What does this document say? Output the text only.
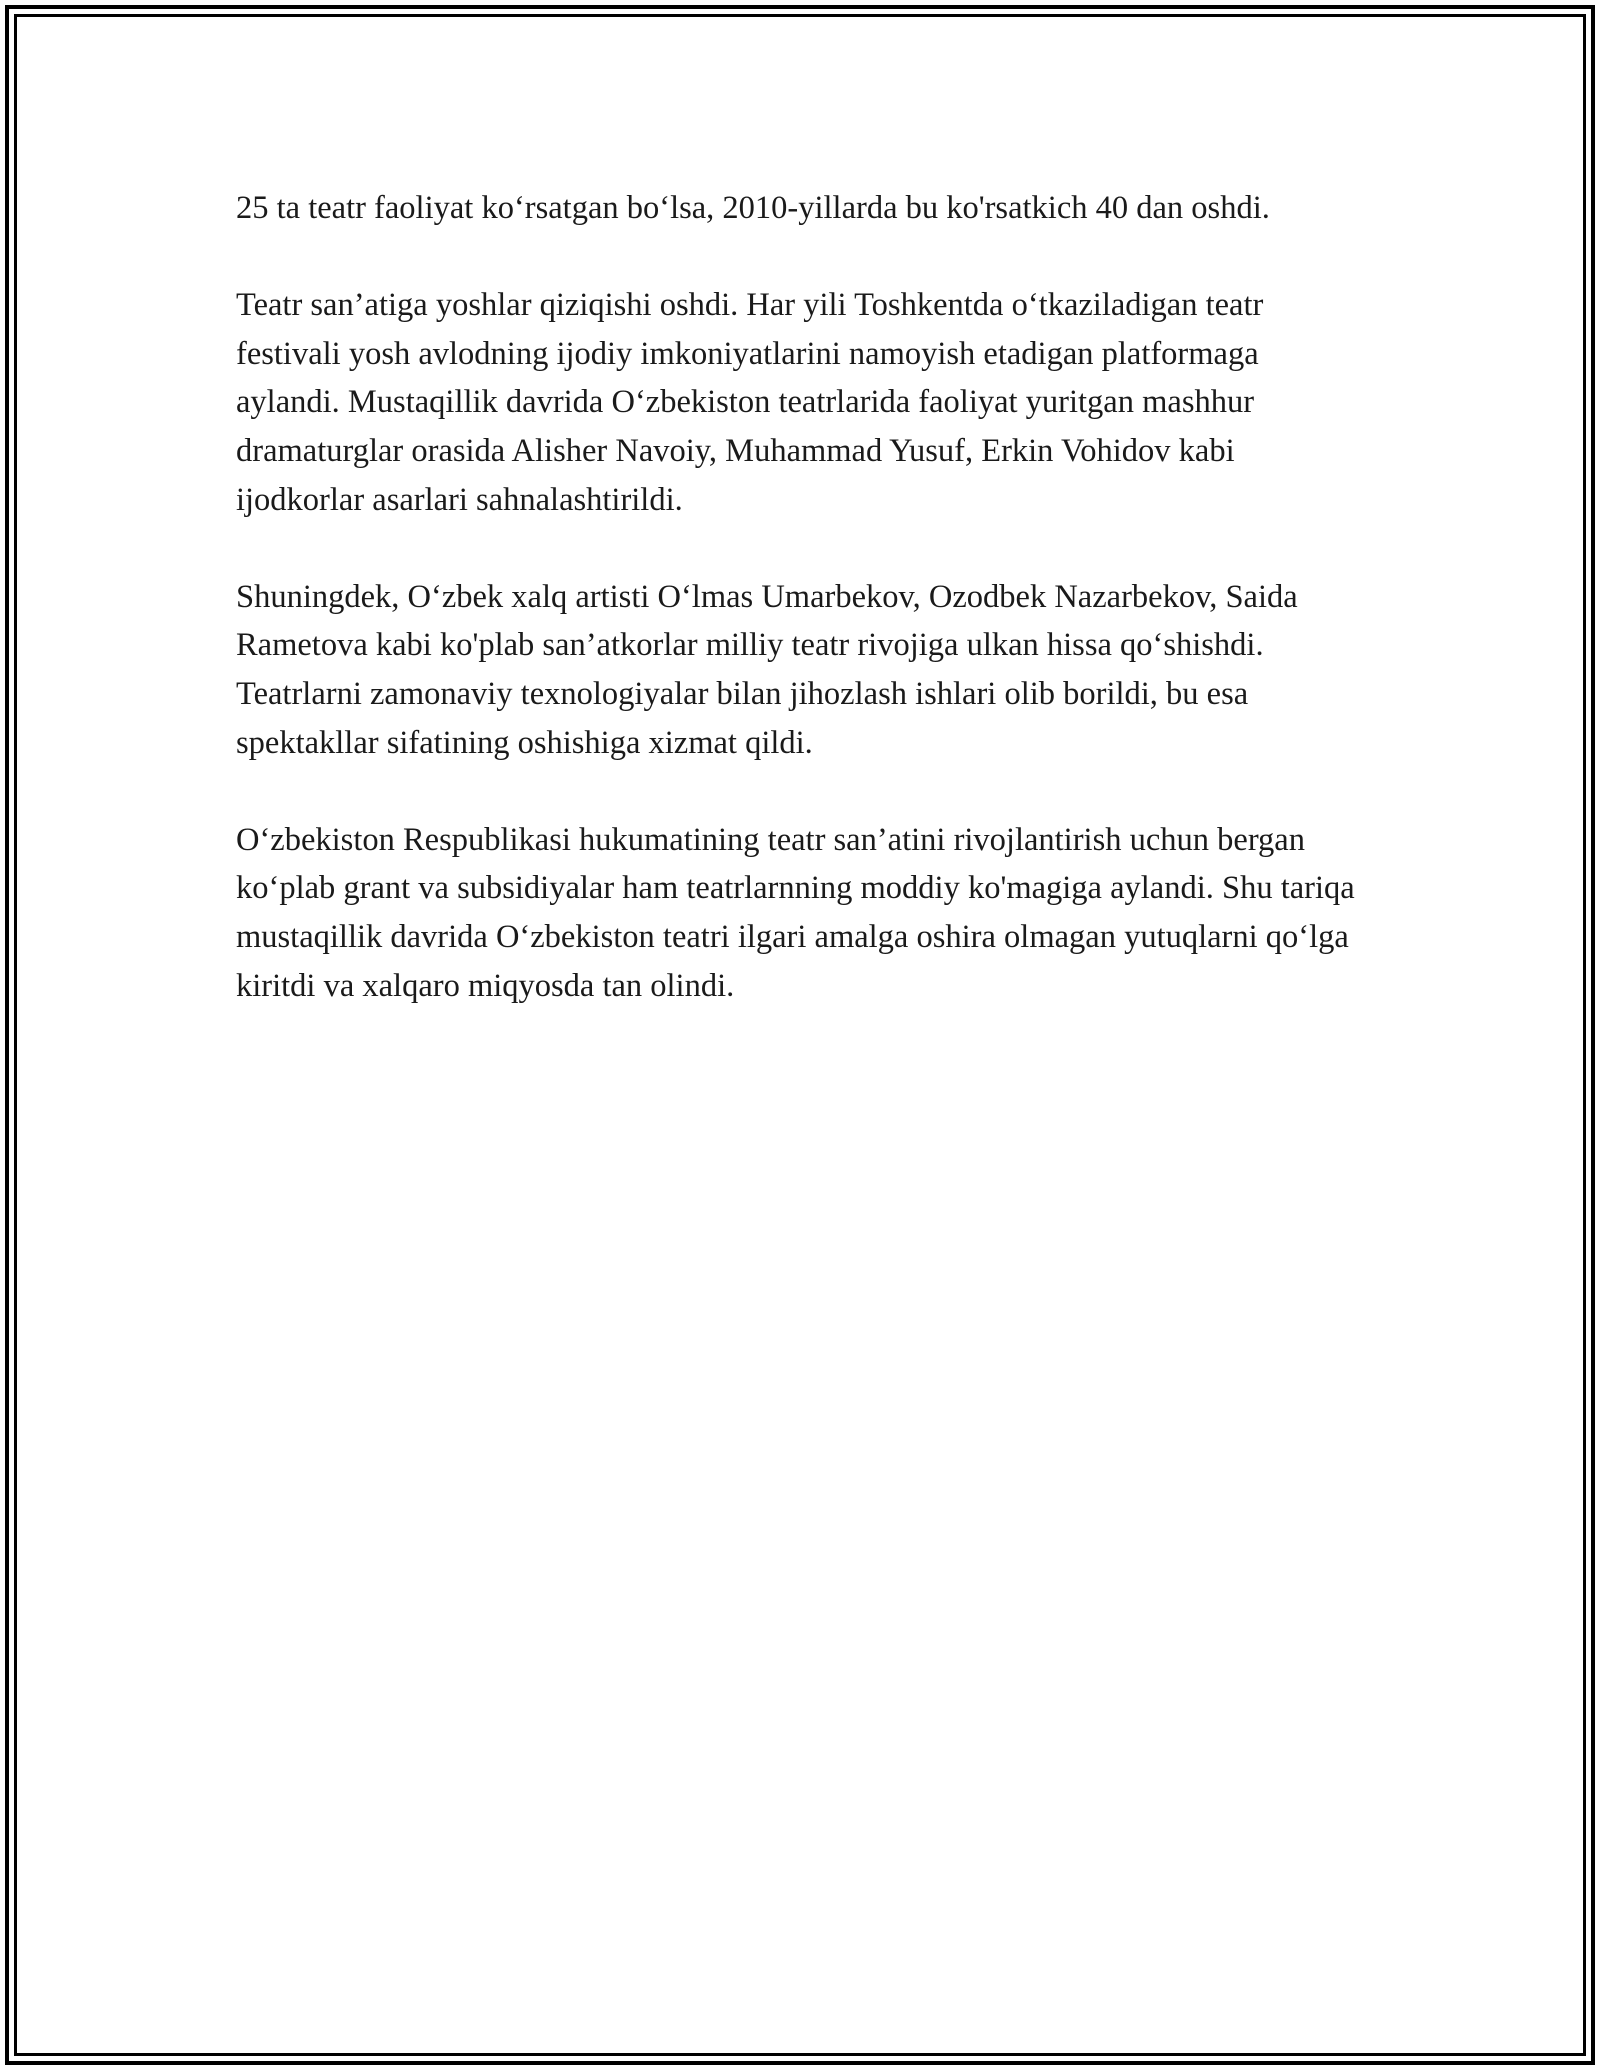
25 ta teatr faoliyat ko‘rsatgan bo‘lsa, 2010-yillarda bu ko'rsatkich 40 dan oshdi.

Teatr san’atiga yoshlar qiziqishi oshdi. Har yili Toshkentda o‘tkaziladigan teatr festivali yosh avlodning ijodiy imkoniyatlarini namoyish etadigan platformaga aylandi. Mustaqillik davrida O‘zbekiston teatrlarida faoliyat yuritgan mashhur dramaturglar orasida Alisher Navoiy, Muhammad Yusuf, Erkin Vohidov kabi ijodkorlar asarlari sahnalashtirildi.

Shuningdek, O‘zbek xalq artisti O‘lmas Umarbekov, Ozodbek Nazarbekov, Saida Rametova kabi ko'plab san’atkorlar milliy teatr rivojiga ulkan hissa qo‘shishdi. Teatrlarni zamonaviy texnologiyalar bilan jihozlash ishlari olib borildi, bu esa spektakllar sifatining oshishiga xizmat qildi.

O‘zbekiston Respublikasi hukumatining teatr san’atini rivojlantirish uchun bergan ko‘plab grant va subsidiyalar ham teatrlarnning moddiy ko'magiga aylandi. Shu tariqa mustaqillik davrida O‘zbekiston teatri ilgari amalga oshira olmagan yutuqlarni qo‘lga kiritdi va xalqaro miqyosda tan olindi.
